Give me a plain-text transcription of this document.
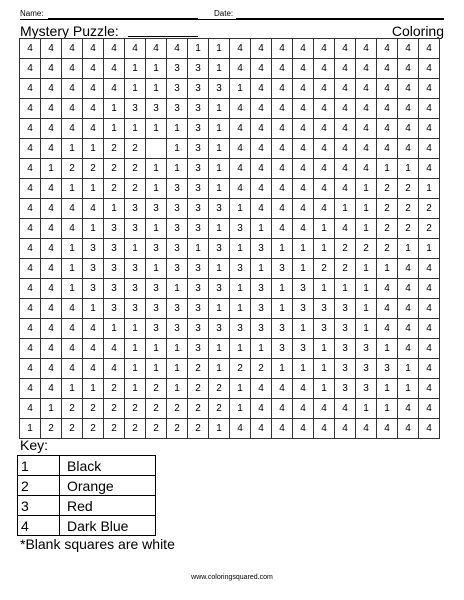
Name:	Date:
Mystery Puzzle:	Coloring
4	4	4	4	4	4	4	4	1	1	4	4	4	4	4	4	4	4	4	4
4	4	4	4	4	1	1	3	3	1	4	4	4	4	4	4	4	4	4	4
4	4	4	4	4	1	1	3	3	3	1	4	4	4	4	4	4	4	4	4
4	4	4	4	1	3	3	3	3	1	4	4	4	4	4	4	4	4	4	4
4	4	4	4	1	1	1	1	3	1	4	4	4	4	4	4	4	4	4	4
4	4	1	1	2	2		1	3	1	4	4	4	4	4	4	4	4	4	4
4	1	2	2	2	2	1	1	3	1	4	4	4	4	4	4	4	1	1	4
4	4	1	1	2	2	1	3	3	1	4	4	4	4	4	4	1	2	2	1
4	4	4	4	1	3	3	3	3	3	1	4	4	4	4	1	1	2	2	2
4	4	4	1	3	3	1	3	3	1	3	1	4	4	1	4	1	2	2	2
4	4	1	3	3	1	3	3	1	3	1	3	1	1	1	2	2	2	1	1
4	4	1	3	3	3	1	3	3	1	3	1	3	1	2	2	1	1	4	4
4	4	1	3	3	3	3	1	3	3	1	3	1	3	1	1	1	4	4	4
4	4	4	1	3	3	3	3	3	1	1	3	1	3	3	3	1	4	4	4
4	4	4	4	1	1	3	3	3	3	3	3	3	1	3	3	1	4	4	4
4	4	4	4	4	1	1	1	3	1	1	1	3	3	1	3	3	1	4	4
4	4	4	4	4	1	1	1	2	1	2	2	1	1	1	3	3	3	1	4
4	4	1	1	2	1	2	1	2	2	1	4	4	4	1	3	3	1	1	4
4	1	2	2	2	2	2	2	2	2	1	4	4	4	4	4	1	1	4	4
1	2	2	2	2	2	2	2	2	1	4	4	4	4	4	4	4	4	4	4
Key:
1	Black
2	Orange
3	Red
4	Dark Blue
*Blank squares are white
www.coloringsquared.com
